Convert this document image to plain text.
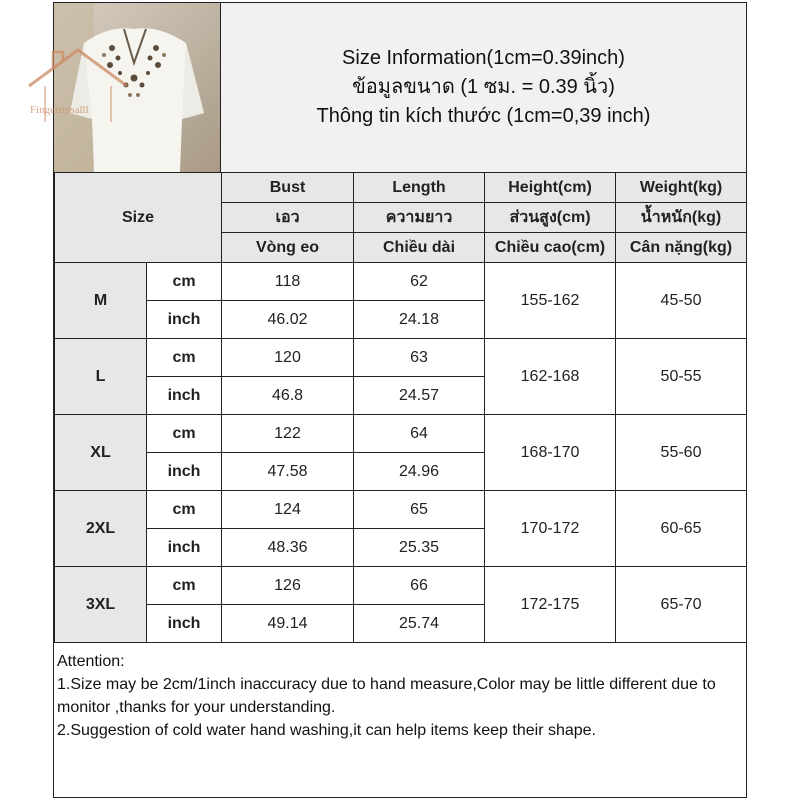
Size Information(1cm=0.39inch)
ข้อมูลขนาด (1 ซม. = 0.39 นิ้ว)
Thông tin kích thước (1cm=0,39 inch)
Size		Bust	Length	Height(cm)	Weight(kg)
		เอว	ความยาว	ส่วนสูง(cm)	น้ำหนัก(kg)
		Vòng eo	Chiều dài	Chiều cao(cm)	Cân nặng(kg)
M	cm	118	62	155-162	45-50
	inch	46.02	24.18		
L	cm	120	63	162-168	50-55
	inch	46.8	24.57		
XL	cm	122	64	168-170	55-60
	inch	47.58	24.96		
2XL	cm	124	65	170-172	60-65
	inch	48.36	25.35		
3XL	cm	126	66	172-175	65-70
	inch	49.14	25.74		
Attention:
1.Size may be 2cm/1inch inaccuracy due to hand measure,Color may be little different due to monitor ,thanks for your understanding.
2.Suggestion of cold water hand washing,it can help items keep their shape.
Fingertipsalll
